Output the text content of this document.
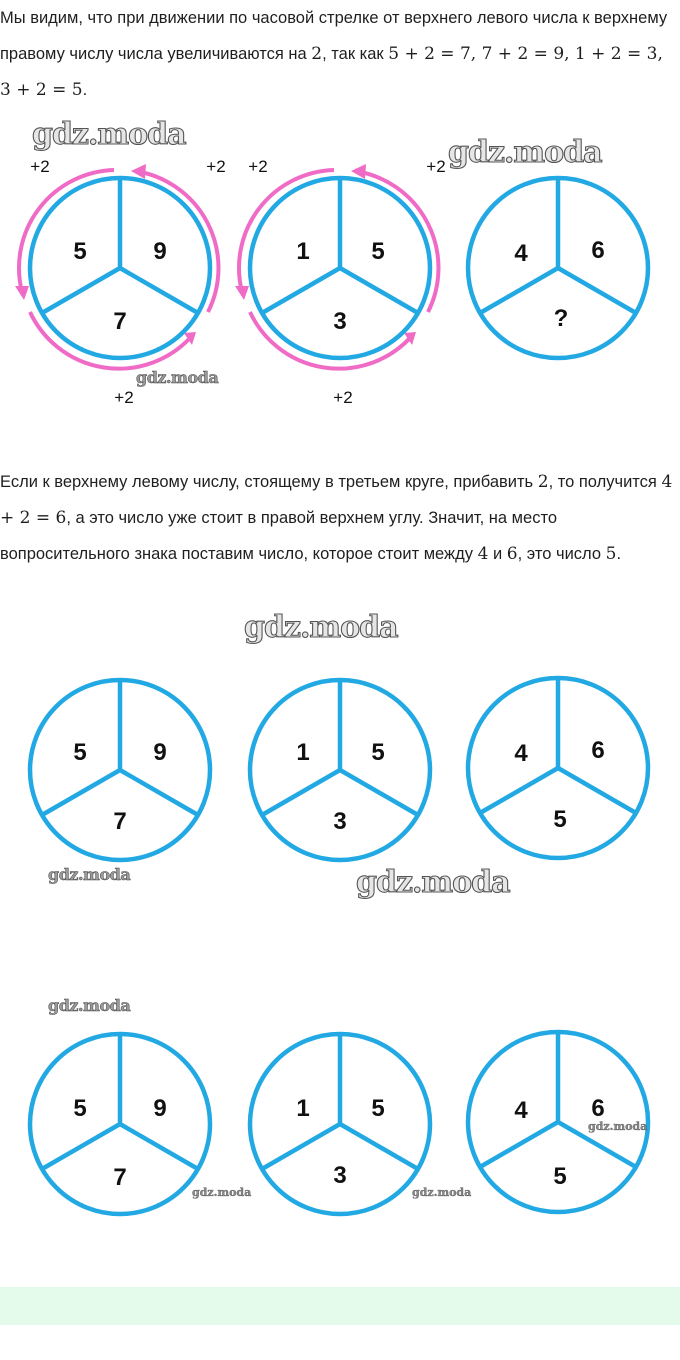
Мы видим, что при движении по часовой стрелке от верхнего левого числа к верхнему правому числу числа увеличиваются на 2, так как 5 + 2 = 7, 7 + 2 = 9, 1 + 2 = 3, 3 + 2 = 5.
gdz.moda
gdz.moda
gdz.moda
+2	+2 +2	+2
+2	+2
5	9
7
1	5
3
4	6
?
Если к верхнему левому числу, стоящему в третьем круге, прибавить 2, то получится 4 + 2 = 6, а это число уже стоит в правой верхнем углу. Значит, на место вопросительного знака поставим число, которое стоит между 4 и 6, это число 5.
gdz.moda
5	9
7
1	5
3
4	6
5
gdz.moda	gdz.moda
gdz.moda
5	9
7
1	5
3
4	6
5
gdz.moda	gdz.moda
gdz.moda
